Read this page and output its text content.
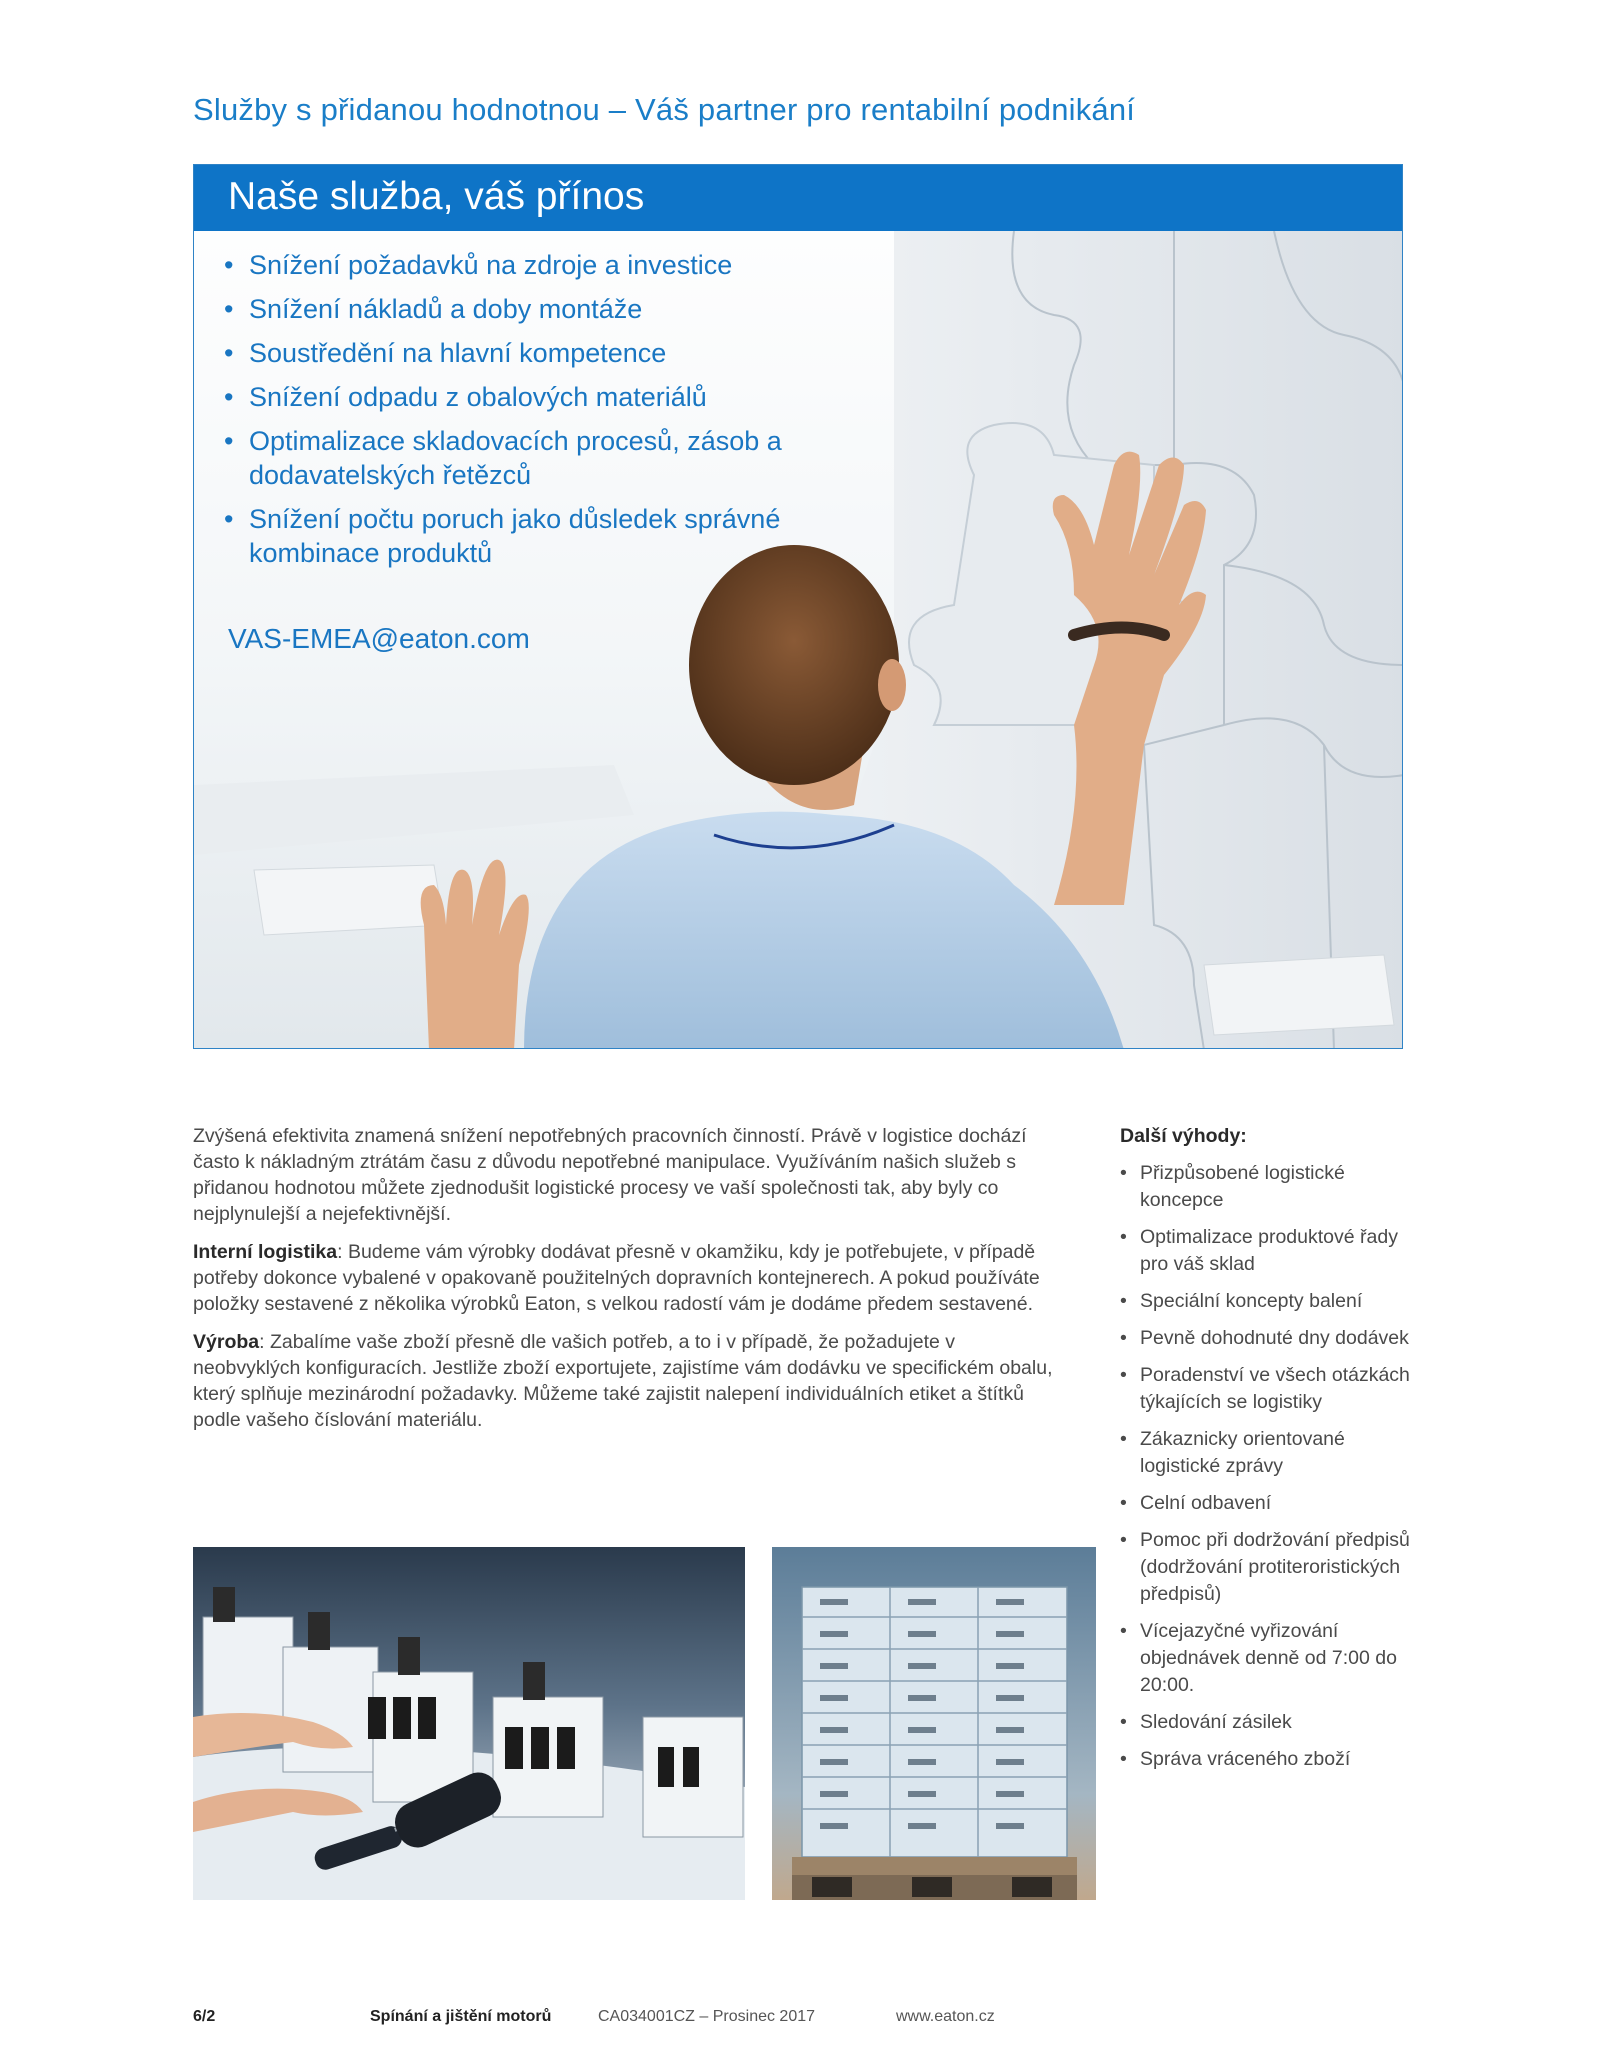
Služby s přidanou hodnotnou – Váš partner pro rentabilní podnikání
Naše služba, váš přínos
• Snížení požadavků na zdroje a investice
• Snížení nákladů a doby montáže
• Soustředění na hlavní kompetence
• Snížení odpadu z obalových materiálů
• Optimalizace skladovacích procesů, zásob a dodavatelských řetězců
• Snížení počtu poruch jako důsledek správné kombinace produktů
VAS-EMEA@eaton.com

Zvýšená efektivita znamená snížení nepotřebných pracovních činností. Právě v logistice dochází často k nákladným ztrátám času z důvodu nepotřebné manipulace. Využíváním našich služeb s přidanou hodnotou můžete zjednodušit logistické procesy ve vaší společnosti tak, aby byly co nejplynulejší a nejefektivnější.

Interní logistika: Budeme vám výrobky dodávat přesně v okamžiku, kdy je potřebujete, v případě potřeby dokonce vybalené v opakovaně použitelných dopravních kontejnerech. A pokud používáte položky sestavené z několika výrobků Eaton, s velkou radostí vám je dodáme předem sestavené.

Výroba: Zabalíme vaše zboží přesně dle vašich potřeb, a to i v případě, že požadujete v neobvyklých konfiguracích. Jestliže zboží exportujete, zajistíme vám dodávku ve specifickém obalu, který splňuje mezinárodní požadavky. Můžeme také zajistit nalepení individuálních etiket a štítků podle vašeho číslování materiálu.

Další výhody:
• Přizpůsobené logistické koncepce
• Optimalizace produktové řady pro váš sklad
• Speciální koncepty balení
• Pevně dohodnuté dny dodávek
• Poradenství ve všech otázkách týkajících se logistiky
• Zákaznicky orientované logistické zprávy
• Celní odbavení
• Pomoc při dodržování předpisů (dodržování protiteroristických předpisů)
• Vícejazyčné vyřizování objednávek denně od 7:00 do 20:00.
• Sledování zásilek
• Správa vráceného zboží
6/2	Spínání a jištění motorů	CA034001CZ – Prosinec 2017	www.eaton.cz
